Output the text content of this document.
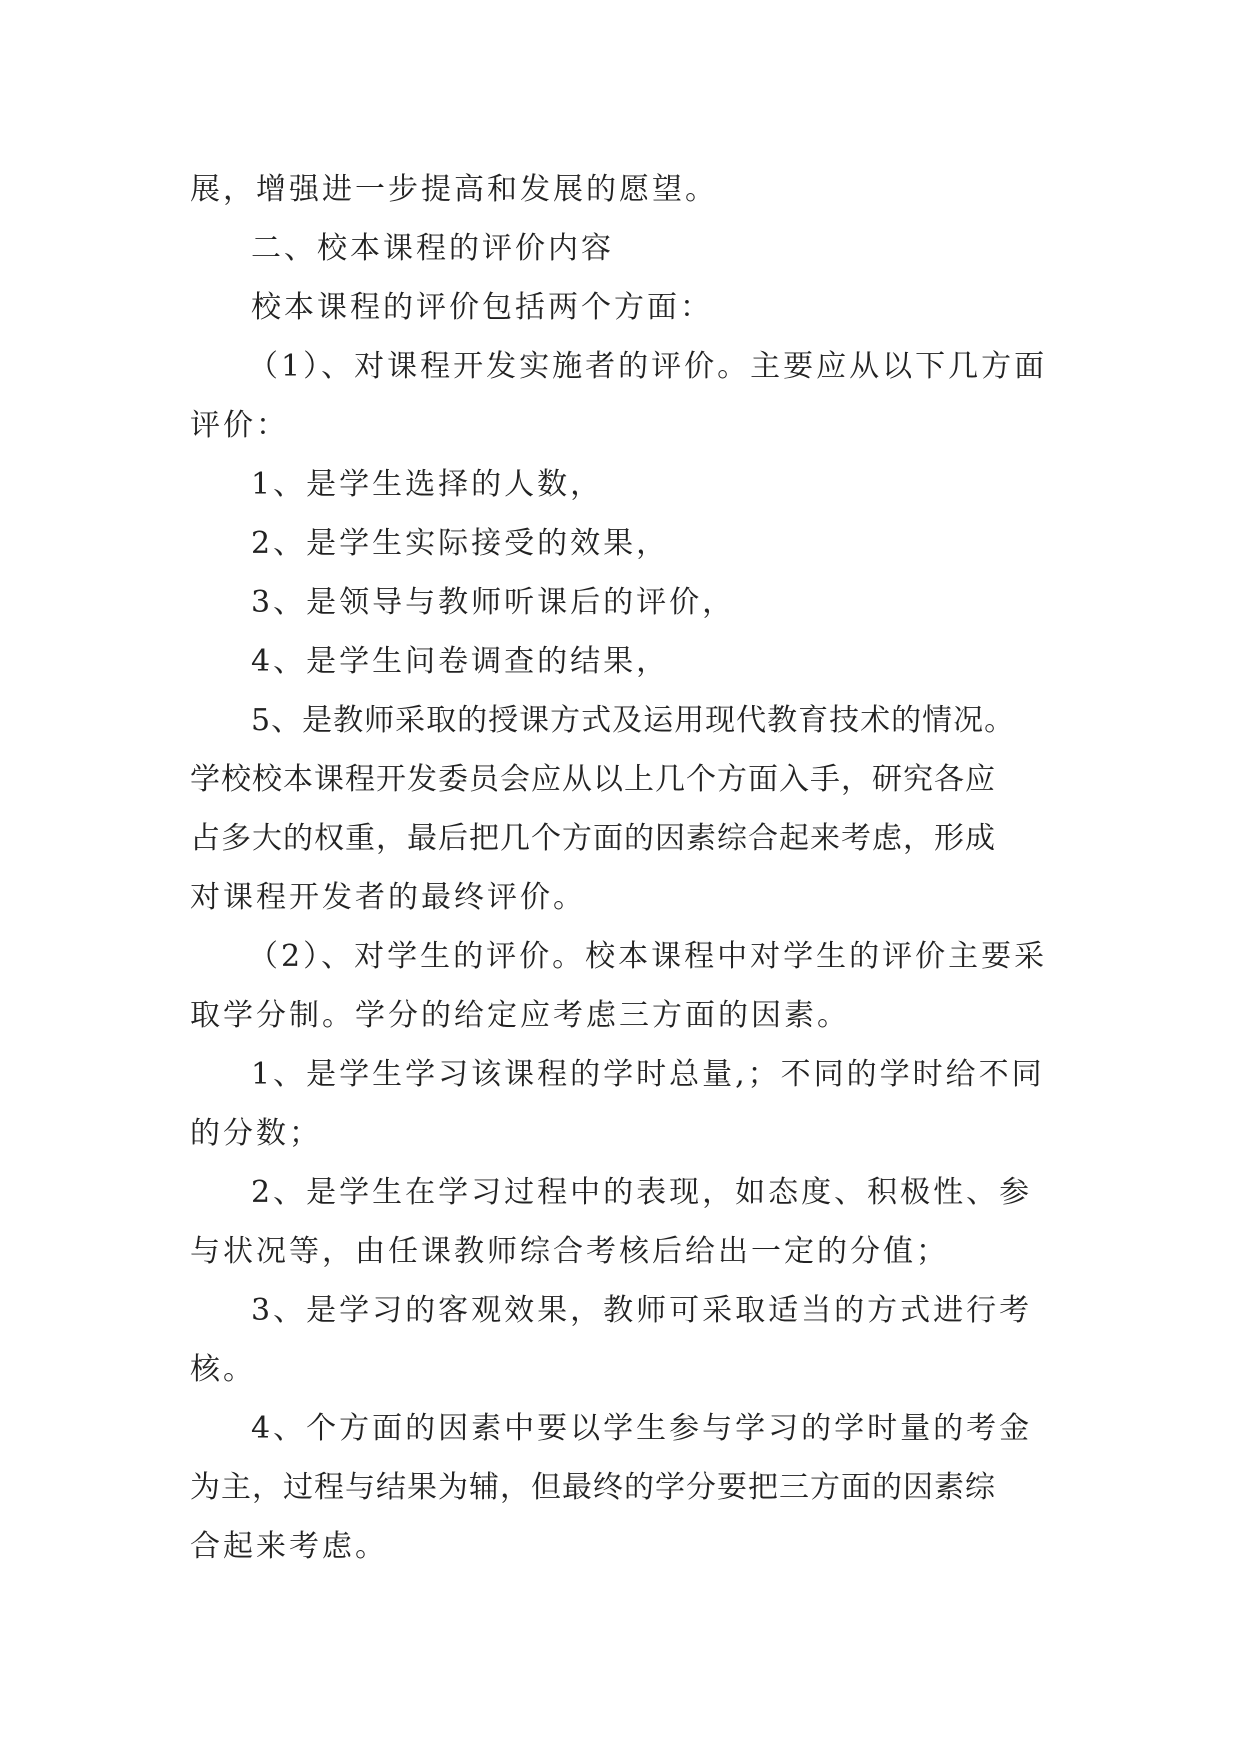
展，增强进一步提高和发展的愿望。
二、校本课程的评价内容
校本课程的评价包括两个方面：
（1）、对课程开发实施者的评价。主要应从以下几方面
评价：
1、是学生选择的人数，
2、是学生实际接受的效果，
3、是领导与教师听课后的评价，
4、是学生问卷调查的结果，
5、是教师采取的授课方式及运用现代教育技术的情况。
学校校本课程开发委员会应从以上几个方面入手，研究各应
占多大的权重，最后把几个方面的因素综合起来考虑，形成
对课程开发者的最终评价。
（2）、对学生的评价。校本课程中对学生的评价主要采
取学分制。学分的给定应考虑三方面的因素。
1、是学生学习该课程的学时总量,；不同的学时给不同
的分数；
2、是学生在学习过程中的表现，如态度、积极性、参
与状况等，由任课教师综合考核后给出一定的分值；
3、是学习的客观效果，教师可采取适当的方式进行考
核。
4、个方面的因素中要以学生参与学习的学时量的考金
为主，过程与结果为辅，但最终的学分要把三方面的因素综
合起来考虑。
